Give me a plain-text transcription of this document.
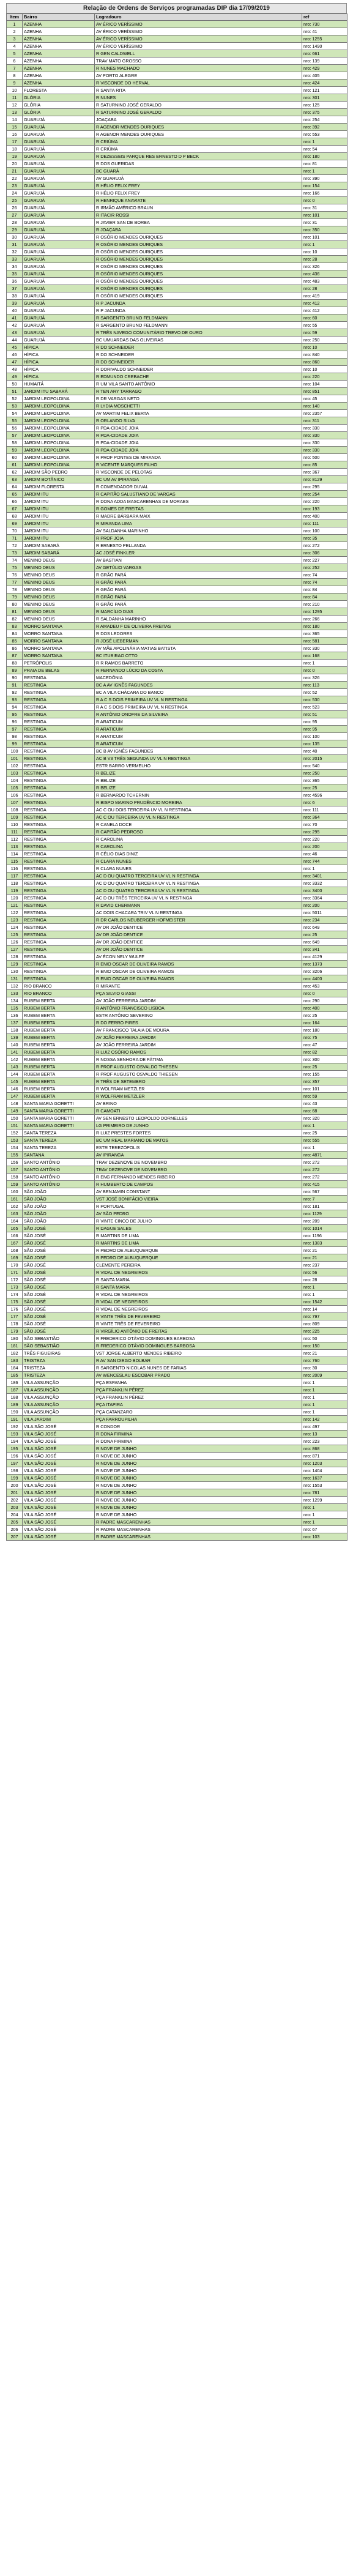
Relação de Ordens de Serviços programadas DIP dia 17/09/2019
Item	Bairro	Logradouro	ref
1	AZENHA	AV ÉRICO VERÍSSIMO	nro: 730
2	AZENHA	AV ÉRICO VERÍSSIMO	nro: 41
3	AZENHA	AV ÉRICO VERÍSSIMO	nro: 1255
4	AZENHA	AV ÉRICO VERÍSSIMO	nro: 1490
5	AZENHA	R GEN CALDWELL	nro: 661
6	AZENHA	TRAV MATO GROSSO	nro: 139
7	AZENHA	R NUNES MACHADO	nro: 429
8	AZENHA	AV PORTO ALEGRE	nro: 405
9	AZENHA	R VISCONDE DO HERVAL	nro: 424
10	FLORESTA	R SANTA RITA	nro: 121
11	GLÓRIA	R NUNES	nro: 301
12	GLÓRIA	R SATURNINO JOSÉ GERALDO	nro: 125
13	GLÓRIA	R SATURNINO JOSÉ GERALDO	nro: 375
14	GUARUJÁ	JOAÇABA	nro: 254
15	GUARUJÁ	R AGENOR MENDES OURIQUES	nro: 392
16	GUARUJÁ	R AGENOR MENDES OURIQUES	nro: 553
17	GUARUJÁ	R CRIÚMA	nro: 1
18	GUARUJÁ	R CRIÚMA	nro: 54
19	GUARUJÁ	R DEZESSEIS PARQUE RES ERNESTO D P BECK	nro: 180
20	GUARUJÁ	R DOS GUERIDAS	nro: 81
21	GUARUJÁ	BC GUARÁ	nro: 1
22	GUARUJÁ	AV GUARUJÁ	nro: 390
23	GUARUJÁ	R HÉLIO FELIX FREY	nro: 154
24	GUARUJÁ	R HÉLIO FELIX FREY	nro: 166
25	GUARUJÁ	R HENRIQUE ANAVIATE	nro: 0
26	GUARUJÁ	R IRMÃO AMÉRICO BRAUN	nro: 31
27	GUARUJÁ	R ITACIR ROSSI	nro: 101
28	GUARUJÁ	R JAVIER SAN DE BORBA	nro: 31
29	GUARUJÁ	R JOAÇABA	nro: 350
30	GUARUJÁ	R OSÓRIO MENDES OURIQUES	nro: 101
31	GUARUJÁ	R OSÓRIO MENDES OURIQUES	nro: 1
32	GUARUJÁ	R OSÓRIO MENDES OURIQUES	nro: 10
33	GUARUJÁ	R OSÓRIO MENDES OURIQUES	nro: 28
34	GUARUJÁ	R OSÓRIO MENDES OURIQUES	nro: 326
35	GUARUJÁ	R OSÓRIO MENDES OURIQUES	nro: 436
36	GUARUJÁ	R OSÓRIO MENDES OURIQUES	nro: 483
37	GUARUJÁ	R OSÓRIO MENDES OURIQUES	nro: 28
38	GUARUJÁ	R OSÓRIO MENDES OURIQUES	nro: 419
39	GUARUJÁ	R P JACUNDA	nro: 412
40	GUARUJÁ	R P JACUNDA	nro: 412
41	GUARUJÁ	R SARGENTO BRUNO FELDMANN	nro: 60
42	GUARUJÁ	R SARGENTO BRUNO FELDMANN	nro: 55
43	GUARUJÁ	R TRÊS NAVEGO COMUNITÁRIO TREVO DE OURO	nro: 59
44	GUARUJÁ	BC UMUARDAS DAS OLIVEIRAS	nro: 250
45	HÍPICA	R DO SCHNEIDER	nro: 10
46	HÍPICA	R DO SCHNEIDER	nro: 840
47	HÍPICA	R DO SCHNEIDER	nro: 860
48	HÍPICA	R DORIVALDO SCHNEIDER	nro: 10
49	HÍPICA	R EDMUNDO CREBACHE	nro: 220
50	HUMAITÁ	R UM VILA SANTO ANTÔNIO	nro: 104
51	JARDIM ITU SABARÁ	R TEN ARY TARRAGO	nro: 851
52	JARDIM LEOPOLDINA	R DR VARGAS NETO	nro: 45
53	JARDIM LEOPOLDINA	R LYDIA MOSCHETTI	nro: 140
54	JARDIM LEOPOLDINA	AV MARTIM FELIX BERTA	nro: 2357
55	JARDIM LEOPOLDINA	R ORLANDO SILVA	nro: 311
56	JARDIM LEOPOLDINA	R PDA-CIDADE JOIA	nro: 330
57	JARDIM LEOPOLDINA	R PDA-CIDADE JOIA	nro: 330
58	JARDIM LEOPOLDINA	R PDA-CIDADE JOIA	nro: 330
59	JARDIM LEOPOLDINA	R PDA-CIDADE JOIA	nro: 330
60	JARDIM LEOPOLDINA	R PROF PONTES DE MIRANDA	nro: 500
61	JARDIM LEOPOLDINA	R VICENTE MARQUES FILHO	nro: 85
62	JARDIM SÃO PEDRO	R VISCONDE DE PELOTAS	nro: 367
63	JARDIM BOTÂNICO	BC UM AV IPIRANGA	nro: 8129
64	JARDIM FLORESTA	R COMENDADOR DUVAL	nro: 295
65	JARDIM ITU	R CAPITÃO SALUSTIANO DE VARGAS	nro: 254
66	JARDIM ITU	R DONA ADDA MASCARENHAS DE MORAES	nro: 220
67	JARDIM ITU	R GOMES DE FREITAS	nro: 193
68	JARDIM ITU	R MADRE BÁRBARA MAIX	nro: 400
69	JARDIM ITU	R MIRANDA LIMA	nro: 111
70	JARDIM ITU	AV SALDANHA MARINHO	nro: 100
71	JARDIM ITU	R PROF JOIA	nro: 35
72	JARDIM SABARÁ	R ERNESTO PELLANDA	nro: 272
73	JARDIM SABARÁ	AC JOSÉ FINKLER	nro: 306
74	MENINO DEUS	AV BASTIAN	nro: 227
75	MENINO DEUS	AV GETÚLIO VARGAS	nro: 252
76	MENINO DEUS	R GRÃO PARÁ	nro: 74
77	MENINO DEUS	R GRÃO PARÁ	nro: 74
78	MENINO DEUS	R GRÃO PARÁ	nro: 84
79	MENINO DEUS	R GRÃO PARÁ	nro: 84
80	MENINO DEUS	R GRÃO PARÁ	nro: 210
81	MENINO DEUS	R MARCÍLIO DIAS	nro: 1295
82	MENINO DEUS	R SALDANHA MARINHO	nro: 266
83	MORRO SANTANA	R AMADEU F DE OLIVEIRA FREITAS	nro: 180
84	MORRO SANTANA	R DOS LEDORES	nro: 365
85	MORRO SANTANA	R JOSÉ LIEBERMAN	nro: 581
86	MORRO SANTANA	AV MÃE APOLINÁRIA MATIAS BATISTA	nro: 330
87	MORRO SANTANA	BC ITUBIRAO OTTO	nro: 168
88	PETRÓPOLIS	R R RAMOS BARRETO	nro: 1
89	PRAIA DE BELAS	R FERNANDO LÚCIO DA COSTA	nro: 0
90	RESTINGA	MACEDÔNIA	nro: 326
91	RESTINGA	BC A AV IGNÊS FAGUNDES	nro: 113
92	RESTINGA	BC A VILA CHÁCARA DO BANCO	nro: 52
93	RESTINGA	R A C S DOIS PRIMEIRA UV VL N RESTINGA	nro: 530
94	RESTINGA	R A C S DOIS PRIMEIRA UV VL N RESTINGA	nro: 523
95	RESTINGA	R ANTÔNIO ONOFRE DA SILVEIRA	nro: 51
96	RESTINGA	R ARATICUM	nro: 95
97	RESTINGA	R ARATICUM	nro: 95
98	RESTINGA	R ARATICUM	nro: 100
99	RESTINGA	R ARATICUM	nro: 135
100	RESTINGA	BC B AV IGNÊS FAGUNDES	nro: 40
101	RESTINGA	AC B V3 TRÊS SEGUNDA UV VL N RESTINGA	nro: 2015
102	RESTINGA	ESTR BARRO VERMELHO	nro: 540
103	RESTINGA	R BELIZE	nro: 250
104	RESTINGA	R BELIZE	nro: 365
105	RESTINGA	R BELIZE	nro: 25
106	RESTINGA	R BERNARDO TCHERNIN	nro: 4596
107	RESTINGA	R BISPO MARINO PRUDÊNCIO MOREIRA	nro: 6
108	RESTINGA	AC C OU DOIS TERCEIRA UV VL N RESTINGA	nro: 111
109	RESTINGA	AC C OU TERCEIRA UV VL N RESTINGA	nro: 364
110	RESTINGA	R CANELA DOCE	nro: 70
111	RESTINGA	R CAPITÃO PEDROSO	nro: 295
112	RESTINGA	R CAROLINA	nro: 220
113	RESTINGA	R CAROLINA	nro: 200
114	RESTINGA	R CÉLIO DIAS DINIZ	nro: 46
115	RESTINGA	R CLARA NUNES	nro: 744
116	RESTINGA	R CLARA NUNES	nro: 1
117	RESTINGA	AC D OU QUATRO TERCEIRA UV VL N RESTINGA	nro: 3401
118	RESTINGA	AC D OU QUATRO TERCEIRA UV VL N RESTINGA	nro: 3332
119	RESTINGA	AC D OU QUATRO TERCEIRA UV VL N RESTINGA	nro: 3400
120	RESTINGA	AC D OU TRÊS TERCEIRA UV VL N RESTINGA	nro: 3364
121	RESTINGA	R DAVID CHERMANN	nro: 200
122	RESTINGA	AC DOIS CHACARA TRIV VL N RESTINGA	nro: 5011
123	RESTINGA	R DR CARLOS NEUBERGER HOFMEISTER	nro: 234
124	RESTINGA	AV DR JOÃO DENTICE	nro: 649
125	RESTINGA	AV DR JOÃO DENTICE	nro: 25
126	RESTINGA	AV DR JOÃO DENTICE	nro: 649
127	RESTINGA	AV DR JOÃO DENTICE	nro: 341
128	RESTINGA	AV ÉCON NELY WULFF	nro: 4129
129	RESTINGA	R ENIO OSCAR DE OLIVEIRA RAMOS	nro: 1373
130	RESTINGA	R ENIO OSCAR DE OLIVEIRA RAMOS	nro: 3206
131	RESTINGA	R ENIO OSCAR DE OLIVEIRA RAMOS	nro: 4400
132	RIO BRANCO	R MIRANTE	nro: 453
133	RIO BRANCO	PÇA SILVIO GIASSI	nro: 0
134	RUBEM BERTA	AV JOÃO FERREIRA JARDIM	nro: 290
135	RUBEM BERTA	R ANTÔNIO FRANCISCO LISBOA	nro: 400
136	RUBEM BERTA	ESTR ANTÔNIO SEVERINO	nro: 25
137	RUBEM BERTA	R DO FERRO PIRES	nro: 164
138	RUBEM BERTA	AV FRANCISCO TALAIA DE MOURA	nro: 180
139	RUBEM BERTA	AV JOÃO FERREIRA JARDIM	nro: 75
140	RUBEM BERTA	AV JOÃO FERREIRA JARDIM	nro: 47
141	RUBEM BERTA	R LUIZ OSÓRIO RAMOS	nro: 82
142	RUBEM BERTA	R NOSSA SENHORA DE FÁTIMA	nro: 300
143	RUBEM BERTA	R PROF AUGUSTO OSVALDO THIESEN	nro: 25
144	RUBEM BERTA	R PROF AUGUSTO OSVALDO THIESEN	nro: 155
145	RUBEM BERTA	R TRÊS DE SETEMBRO	nro: 357
146	RUBEM BERTA	R WOLFRAM METZLER	nro: 101
147	RUBEM BERTA	R WOLFRAM METZLER	nro: 59
148	SANTA MARIA GORETTI	AV BRINO	nro: 43
149	SANTA MARIA GORETTI	R CAMOATI	nro: 68
150	SANTA MARIA GORETTI	AV SEN ERNESTO LEOPOLDO DORNELLES	nro: 320
151	SANTA MARIA GORETTI	LG PRIMEIRO DE JUNHO	nro: 1
152	SANTA TEREZA	R LUIZ PRESTES FORTES	nro: 25
153	SANTA TEREZA	BC UM REAL MARIANO DE MATOS	nro: 555
154	SANTA TEREZA	ESTR TEREZÓPOLIS	nro: 1
155	SANTANA	AV IPIRANGA	nro: 4871
156	SANTO ANTÔNIO	TRAV DEZENOVE DE NOVEMBRO	nro: 272
157	SANTO ANTÔNIO	TRAV DEZENOVE DE NOVEMBRO	nro: 272
158	SANTO ANTÔNIO	R ENG FERNANDO MENDES RIBEIRO	nro: 272
159	SANTO ANTÔNIO	R HUMBERTO DE CAMPOS	nro: 415
160	SÃO JOÃO	AV BENJAMIN CONSTANT	nro: 567
161	SÃO JOÃO	VST JOSÉ BONIFÁCIO VIEIRA	nro: 7
162	SÃO JOÃO	R PORTUGAL	nro: 181
163	SÃO JOÃO	AV SÃO PEDRO	nro: 1129
164	SÃO JOÃO	R VINTE CINCO DE JULHO	nro: 209
165	SÃO JOSÉ	R DAGUE SALES	nro: 1014
166	SÃO JOSÉ	R MARTINS DE LIMA	nro: 1196
167	SÃO JOSÉ	R MARTINS DE LIMA	nro: 1383
168	SÃO JOSÉ	R PEDRO DE ALBUQUERQUE	nro: 21
169	SÃO JOSÉ	R PEDRO DE ALBUQUERQUE	nro: 21
170	SÃO JOSÉ	CLEMENTE PEREIRA	nro: 237
171	SÃO JOSÉ	R VIDAL DE NEGREIROS	nro: 56
172	SÃO JOSÉ	R SANTA MARIA	nro: 28
173	SÃO JOSÉ	R SANTA MARIA	nro: 1
174	SÃO JOSÉ	R VIDAL DE NEGREIROS	nro: 1
175	SÃO JOSÉ	R VIDAL DE NEGREIROS	nro: 1542
176	SÃO JOSÉ	R VIDAL DE NEGREIROS	nro: 14
177	SÃO JOSÉ	R VINTE TRÊS DE FEVEREIRO	nro: 797
178	SÃO JOSÉ	R VINTE TRÊS DE FEVEREIRO	nro: 809
179	SÃO JOSÉ	R VIRGÍLIO ANTÔNIO DE FREITAS	nro: 225
180	SÃO SEBASTIÃO	R FREDERICO OTÁVIO DOMINGUES BARBOSA	nro: 50
181	SÃO SEBASTIÃO	R FREDERICO OTÁVIO DOMINGUES BARBOSA	nro: 150
182	TRÊS FIGUEIRAS	VST JORGE ALBERTO MENDES RIBEIRO	nro: 21
183	TRISTEZA	R AV SAN DIEGO BOLBAR	nro: 760
184	TRISTEZA	R SARGENTO NICOLAS NUNES DE FARIAS	nro: 30
185	TRISTEZA	AV WENCESLAU ESCOBAR PRADO	nro: 2009
186	VILA ASSUNÇÃO	PÇA ESPANHA	nro: 1
187	VILA ASSUNÇÃO	PÇA FRANKLIN PÉREZ	nro: 1
188	VILA ASSUNÇÃO	PÇA FRANKLIN PÉREZ	nro: 1
189	VILA ASSUNÇÃO	PÇA ITAPIRA	nro: 1
190	VILA ASSUNÇÃO	PÇA CATANZARO	nro: 1
191	VILA JARDIM	PÇA FARROUPILHA	nro: 142
192	VILA SÃO JOSÉ	R CONDOR	nro: 497
193	VILA SÃO JOSÉ	R DONA FIRMINA	nro: 13
194	VILA SÃO JOSÉ	R DONA FIRMINA	nro: 223
195	VILA SÃO JOSÉ	R NOVE DE JUNHO	nro: 868
196	VILA SÃO JOSÉ	R NOVE DE JUNHO	nro: 871
197	VILA SÃO JOSÉ	R NOVE DE JUNHO	nro: 1203
198	VILA SÃO JOSÉ	R NOVE DE JUNHO	nro: 1404
199	VILA SÃO JOSÉ	R NOVE DE JUNHO	nro: 1637
200	VILA SÃO JOSÉ	R NOVE DE JUNHO	nro: 1553
201	VILA SÃO JOSÉ	R NOVE DE JUNHO	nro: 781
202	VILA SÃO JOSÉ	R NOVE DE JUNHO	nro: 1299
203	VILA SÃO JOSÉ	R NOVE DE JUNHO	nro: 1
204	VILA SÃO JOSÉ	R NOVE DE JUNHO	nro: 1
205	VILA SÃO JOSÉ	R PADRE MASCARENHAS	nro: 1
206	VILA SÃO JOSÉ	R PADRE MASCARENHAS	nro: 67
207	VILA SÃO JOSÉ	R PADRE MASCARENHAS	nro: 103
